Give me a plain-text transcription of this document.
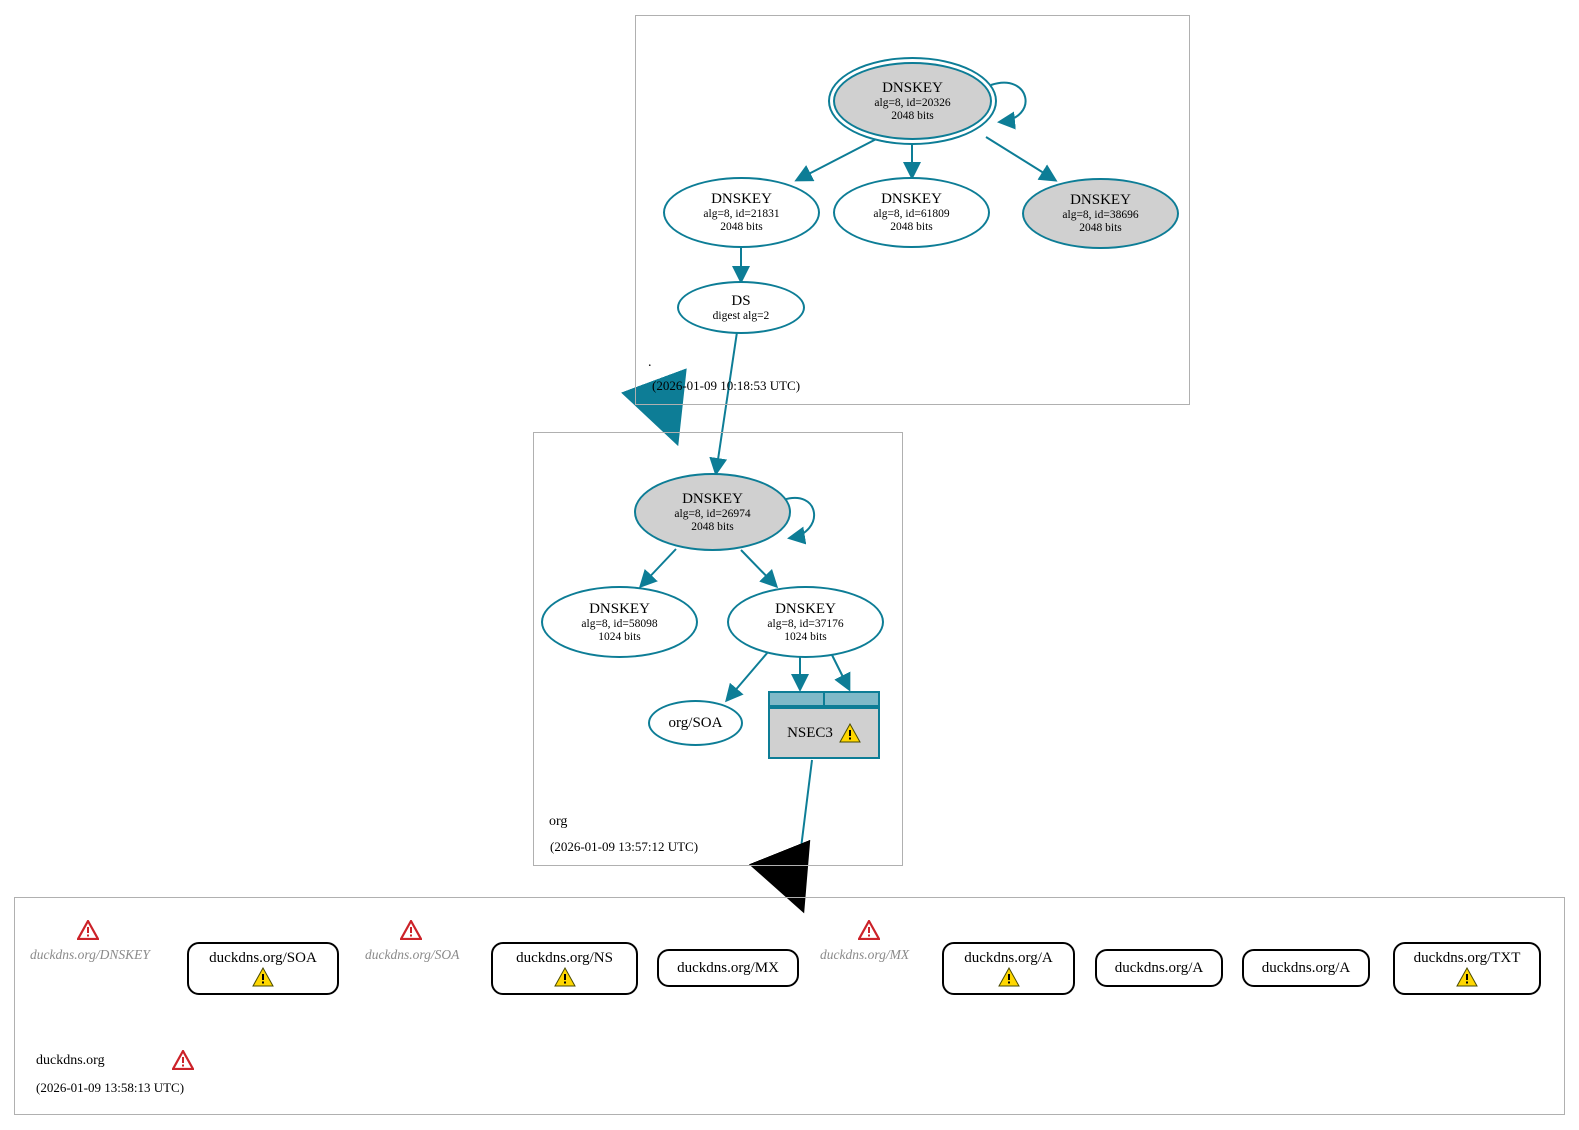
.
(2026-01-09 10:18:53 UTC)
DNSKEY
alg=8, id=20326
2048 bits
DNSKEY
alg=8, id=21831
2048 bits
DNSKEY
alg=8, id=61809
2048 bits
DNSKEY
alg=8, id=38696
2048 bits
DS
digest alg=2
org
(2026-01-09 13:57:12 UTC)
DNSKEY
alg=8, id=26974
2048 bits
DNSKEY
alg=8, id=58098
1024 bits
DNSKEY
alg=8, id=37176
1024 bits
org/SOA
NSEC3
duckdns.org
(2026-01-09 13:58:13 UTC)
duckdns.org/DNSKEY	duckdns.org/SOA	duckdns.org/SOA	duckdns.org/NS
duckdns.org/MX
duckdns.org/MX	duckdns.org/A
duckdns.org/A	duckdns.org/A
duckdns.org/TXT
